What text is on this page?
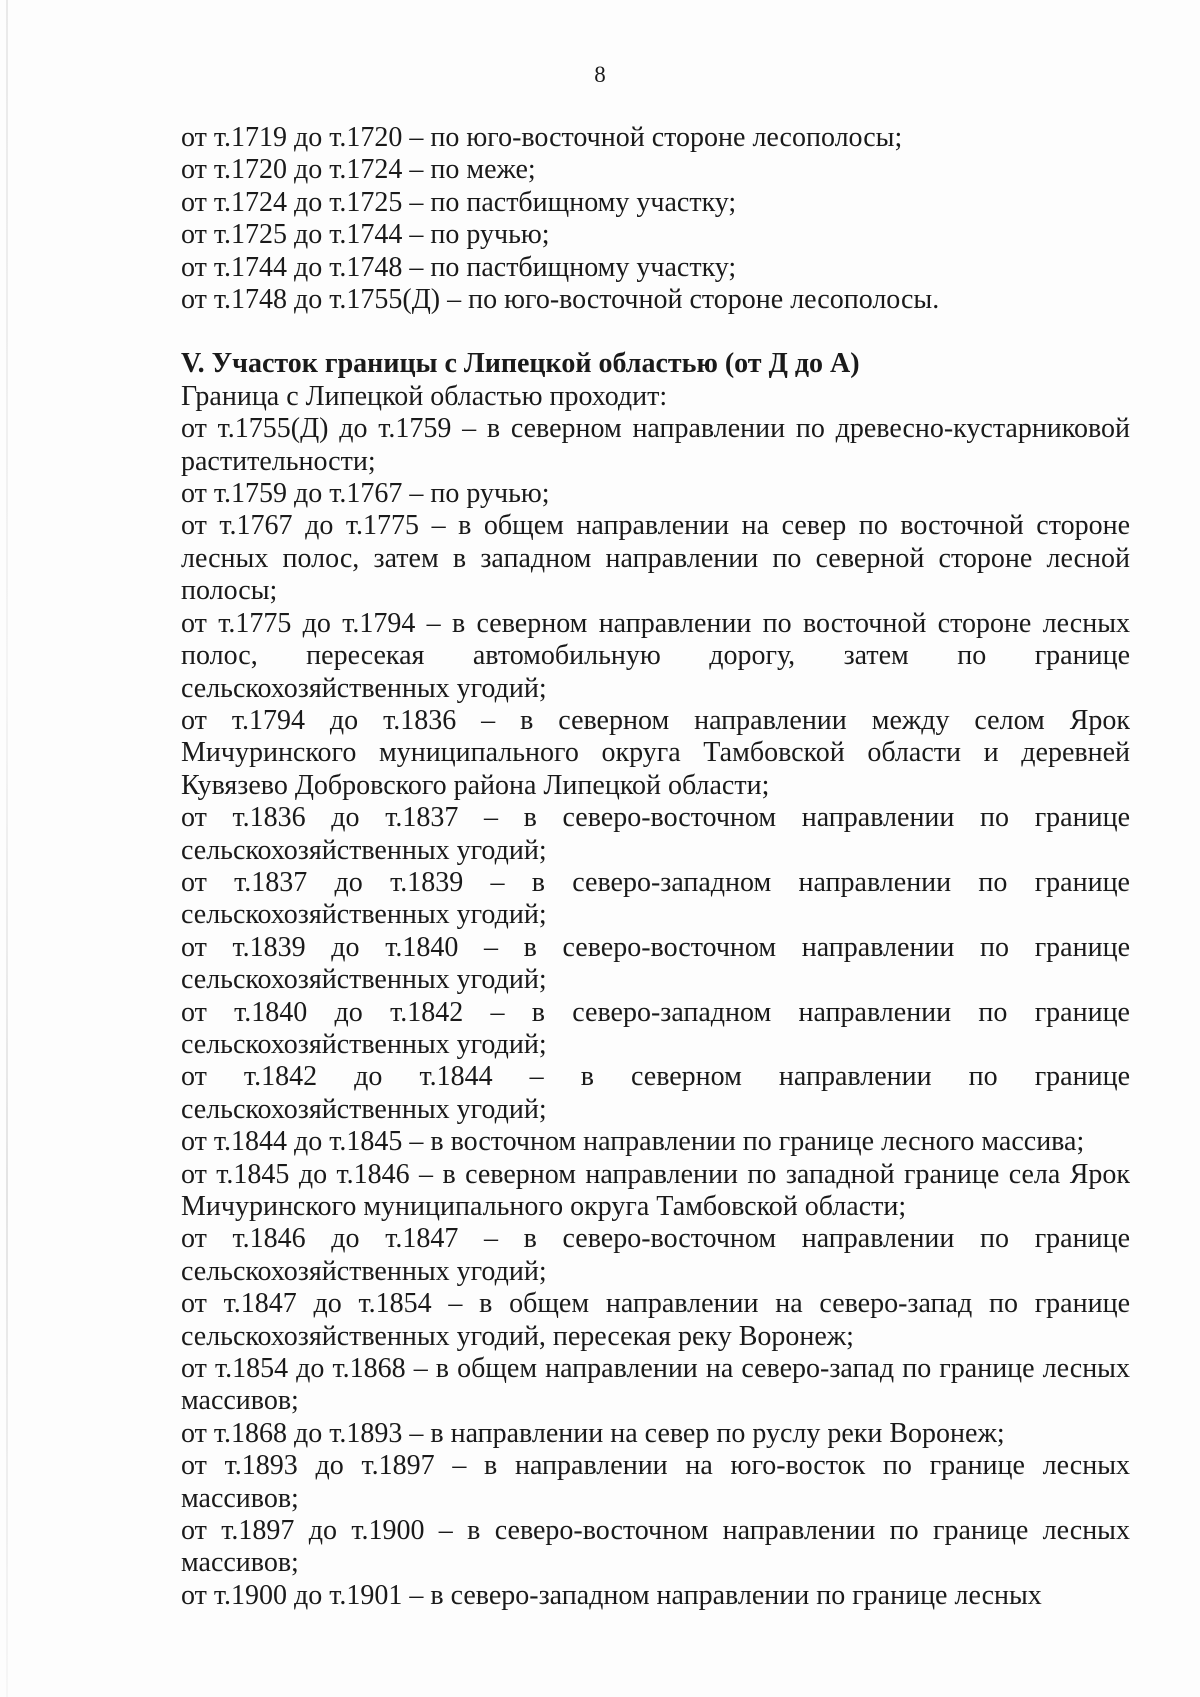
8

от т.1719 до т.1720 – по юго-восточной стороне лесополосы;

от т.1720 до т.1724 – по меже;

от т.1724 до т.1725 – по пастбищному участку;

от т.1725 до т.1744 – по ручью;

от т.1744 до т.1748 – по пастбищному участку;

от т.1748 до т.1755(Д) – по юго-восточной стороне лесополосы.

V. Участок границы с Липецкой областью (от Д до А)

Граница с Липецкой областью проходит:

от т.1755(Д) до т.1759 – в северном направлении по древесно-кустарниковой растительности;

от т.1759 до т.1767 – по ручью;

от т.1767 до т.1775 – в общем направлении на север по восточной стороне лесных полос, затем в западном направлении по северной стороне лесной полосы;

от т.1775 до т.1794 – в северном направлении по восточной стороне лесных полос, пересекая автомобильную дорогу, затем по границе сельскохозяйственных угодий;

от т.1794 до т.1836 – в северном направлении между селом Ярок Мичуринского муниципального округа Тамбовской области и деревней Кувязево Добровского района Липецкой области;

от т.1836 до т.1837 – в северо-восточном направлении по границе сельскохозяйственных угодий;

от т.1837 до т.1839 – в северо-западном направлении по границе сельскохозяйственных угодий;

от т.1839 до т.1840 – в северо-восточном направлении по границе сельскохозяйственных угодий;

от т.1840 до т.1842 – в северо-западном направлении по границе сельскохозяйственных угодий;

от т.1842 до т.1844 – в северном направлении по границе сельскохозяйственных угодий;

от т.1844 до т.1845 – в восточном направлении по границе лесного массива;

от т.1845 до т.1846 – в северном направлении по западной границе села Ярок Мичуринского муниципального округа Тамбовской области;

от т.1846 до т.1847 – в северо-восточном направлении по границе сельскохозяйственных угодий;

от т.1847 до т.1854 – в общем направлении на северо-запад по границе сельскохозяйственных угодий, пересекая реку Воронеж;

от т.1854 до т.1868 – в общем направлении на северо-запад по границе лесных массивов;

от т.1868 до т.1893 – в направлении на север по руслу реки Воронеж;

от т.1893 до т.1897 – в направлении на юго-восток по границе лесных массивов;

от т.1897 до т.1900 – в северо-восточном направлении по границе лесных массивов;

от т.1900 до т.1901 – в северо-западном направлении по границе лесных
